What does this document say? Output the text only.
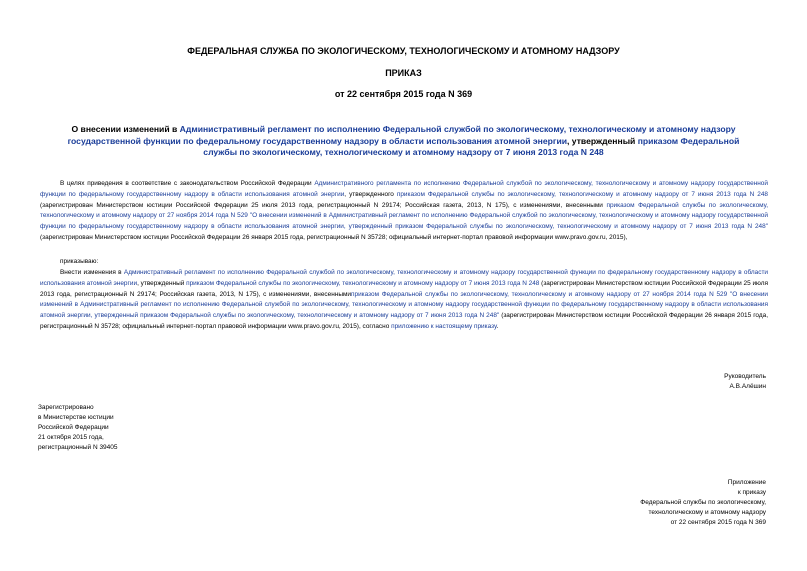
ФЕДЕРАЛЬНАЯ СЛУЖБА ПО ЭКОЛОГИЧЕСКОМУ, ТЕХНОЛОГИЧЕСКОМУ И АТОМНОМУ НАДЗОРУ
ПРИКАЗ
от 22 сентября 2015 года N 369
О внесении изменений в Административный регламент по исполнению Федеральной службой по экологическому, технологическому и атомному надзору государственной функции по федеральному государственному надзору в области использования атомной энергии, утвержденный приказом Федеральной службы по экологическому, технологическому и атомному надзору от 7 июня 2013 года N 248
В целях приведения в соответствие с законодательством Российской Федерации Административного регламента по исполнению Федеральной службой по экологическому, технологическому и атомному надзору государственной функции по федеральному государственному надзору в области использования атомной энергии, утвержденного приказом Федеральной службы по экологическому, технологическому и атомному надзору от 7 июня 2013 года N 248 (зарегистрирован Министерством юстиции Российской Федерации 25 июля 2013 года, регистрационный N 29174; Российская газета, 2013, N 175), с изменениями, внесенными приказом Федеральной службы по экологическому, технологическому и атомному надзору от 27 ноября 2014 года N 529 "О внесении изменений в Административный регламент по исполнению Федеральной службой по экологическому, технологическому и атомному надзору государственной функции по федеральному государственному надзору в области использования атомной энергии, утвержденный приказом Федеральной службы по экологическому, технологическому и атомному надзору от 7 июня 2013 года N 248" (зарегистрирован Министерством юстиции Российской Федерации 26 января 2015 года, регистрационный N 35728; официальный интернет-портал правовой информации www.pravo.gov.ru, 2015),
приказываю:
Внести изменения в Административный регламент по исполнению Федеральной службой по экологическому, технологическому и атомному надзору государственной функции по федеральному государственному надзору в области использования атомной энергии, утвержденный приказом Федеральной службы по экологическому, технологическому и атомному надзору от 7 июня 2013 года N 248 (зарегистрирован Министерством юстиции Российской Федерации 25 июля 2013 года, регистрационный N 29174; Российская газета, 2013, N 175), с изменениями, внесеннымиприказом Федеральной службы по экологическому, технологическому и атомному надзору от 27 ноября 2014 года N 529 "О внесении изменений в Административный регламент по исполнению Федеральной службой по экологическому, технологическому и атомному надзору государственной функции по федеральному государственному надзору в области использования атомной энергии, утвержденный приказом Федеральной службы по экологическому, технологическому и атомному надзору от 7 июня 2013 года N 248" (зарегистрирован Министерством юстиции Российской Федерации 26 января 2015 года, регистрационный N 35728; официальный интернет-портал правовой информации www.pravo.gov.ru, 2015), согласно приложению к настоящему приказу.
Руководитель
А.В.Алёшин
Зарегистрировано
в Министерстве юстиции
Российской Федерации
21 октября 2015 года,
регистрационный N 39405
Приложение
к приказу
Федеральной службы по экологическому,
технологическому и атомному надзору
от 22 сентября 2015 года N 369
